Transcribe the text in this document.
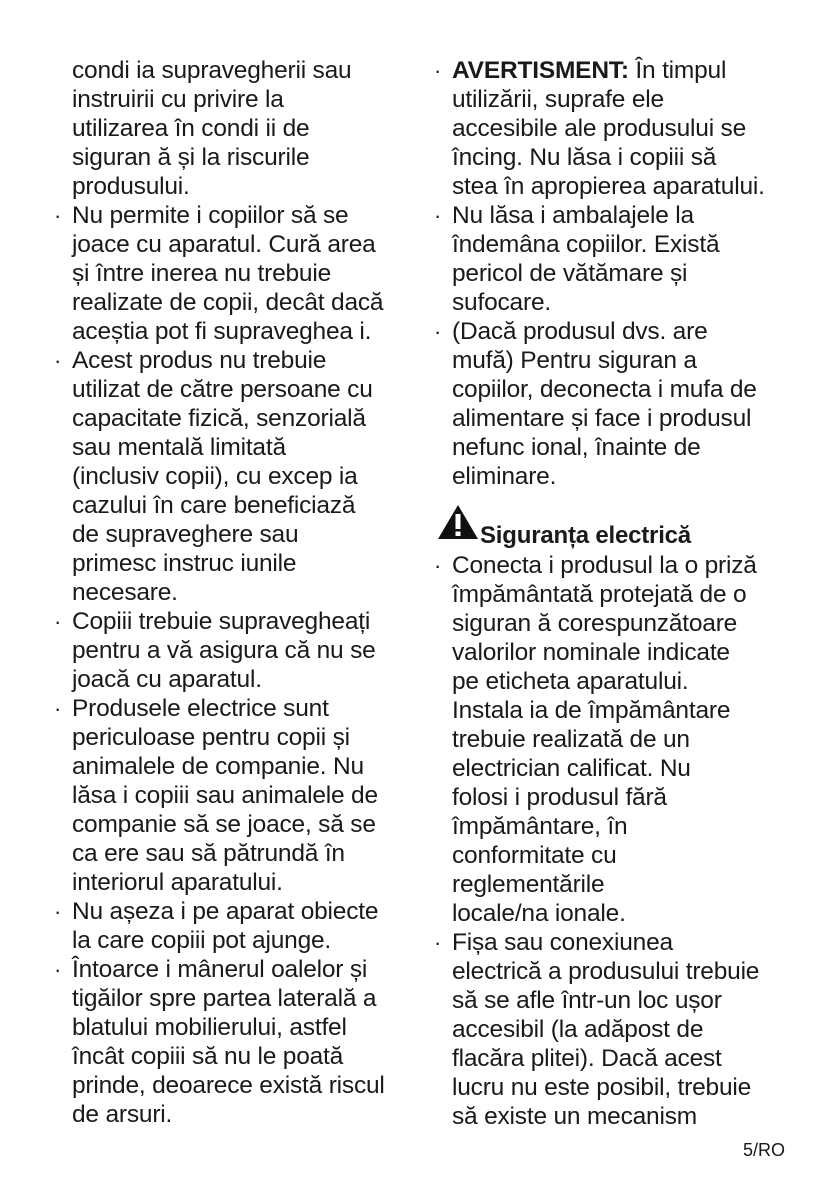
condi ia supravegherii sau
instruirii cu privire la
utilizarea în condi ii de
siguran ă și la riscurile
produsului.
· Nu permite i copiilor să se
joace cu aparatul. Cură area
și între inerea nu trebuie
realizate de copii, decât dacă
aceștia pot fi supraveghea i.
· Acest produs nu trebuie
utilizat de către persoane cu
capacitate fizică, senzorială
sau mentală limitată
(inclusiv copii), cu excep ia
cazului în care beneficiază
de supraveghere sau
primesc instruc iunile
necesare.
· Copiii trebuie supravegheați
pentru a vă asigura că nu se
joacă cu aparatul.
· Produsele electrice sunt
periculoase pentru copii și
animalele de companie. Nu
lăsa i copiii sau animalele de
companie să se joace, să se
ca ere sau să pătrundă în
interiorul aparatului.
· Nu așeza i pe aparat obiecte
la care copiii pot ajunge.
· Întoarce i mânerul oalelor și
tigăilor spre partea laterală a
blatului mobilierului, astfel
încât copiii să nu le poată
prinde, deoarece există riscul
de arsuri.
· AVERTISMENT: În timpul
utilizării, suprafe ele
accesibile ale produsului se
încing. Nu lăsa i copiii să
stea în apropierea aparatului.
· Nu lăsa i ambalajele la
îndemâna copiilor. Există
pericol de vătămare și
sufocare.
· (Dacă produsul dvs. are
mufă) Pentru siguran a
copiilor, deconecta i mufa de
alimentare și face i produsul
nefunc ional, înainte de
eliminare.
Siguranța electrică
· Conecta i produsul la o priză
împământată protejată de o
siguran ă corespunzătoare
valorilor nominale indicate
pe eticheta aparatului.
Instala ia de împământare
trebuie realizată de un
electrician calificat. Nu
folosi i produsul fără
împământare, în
conformitate cu
reglementările
locale/na ionale.
· Fișa sau conexiunea
electrică a produsului trebuie
să se afle într-un loc ușor
accesibil (la adăpost de
flacăra plitei). Dacă acest
lucru nu este posibil, trebuie
să existe un mecanism
5/RO
